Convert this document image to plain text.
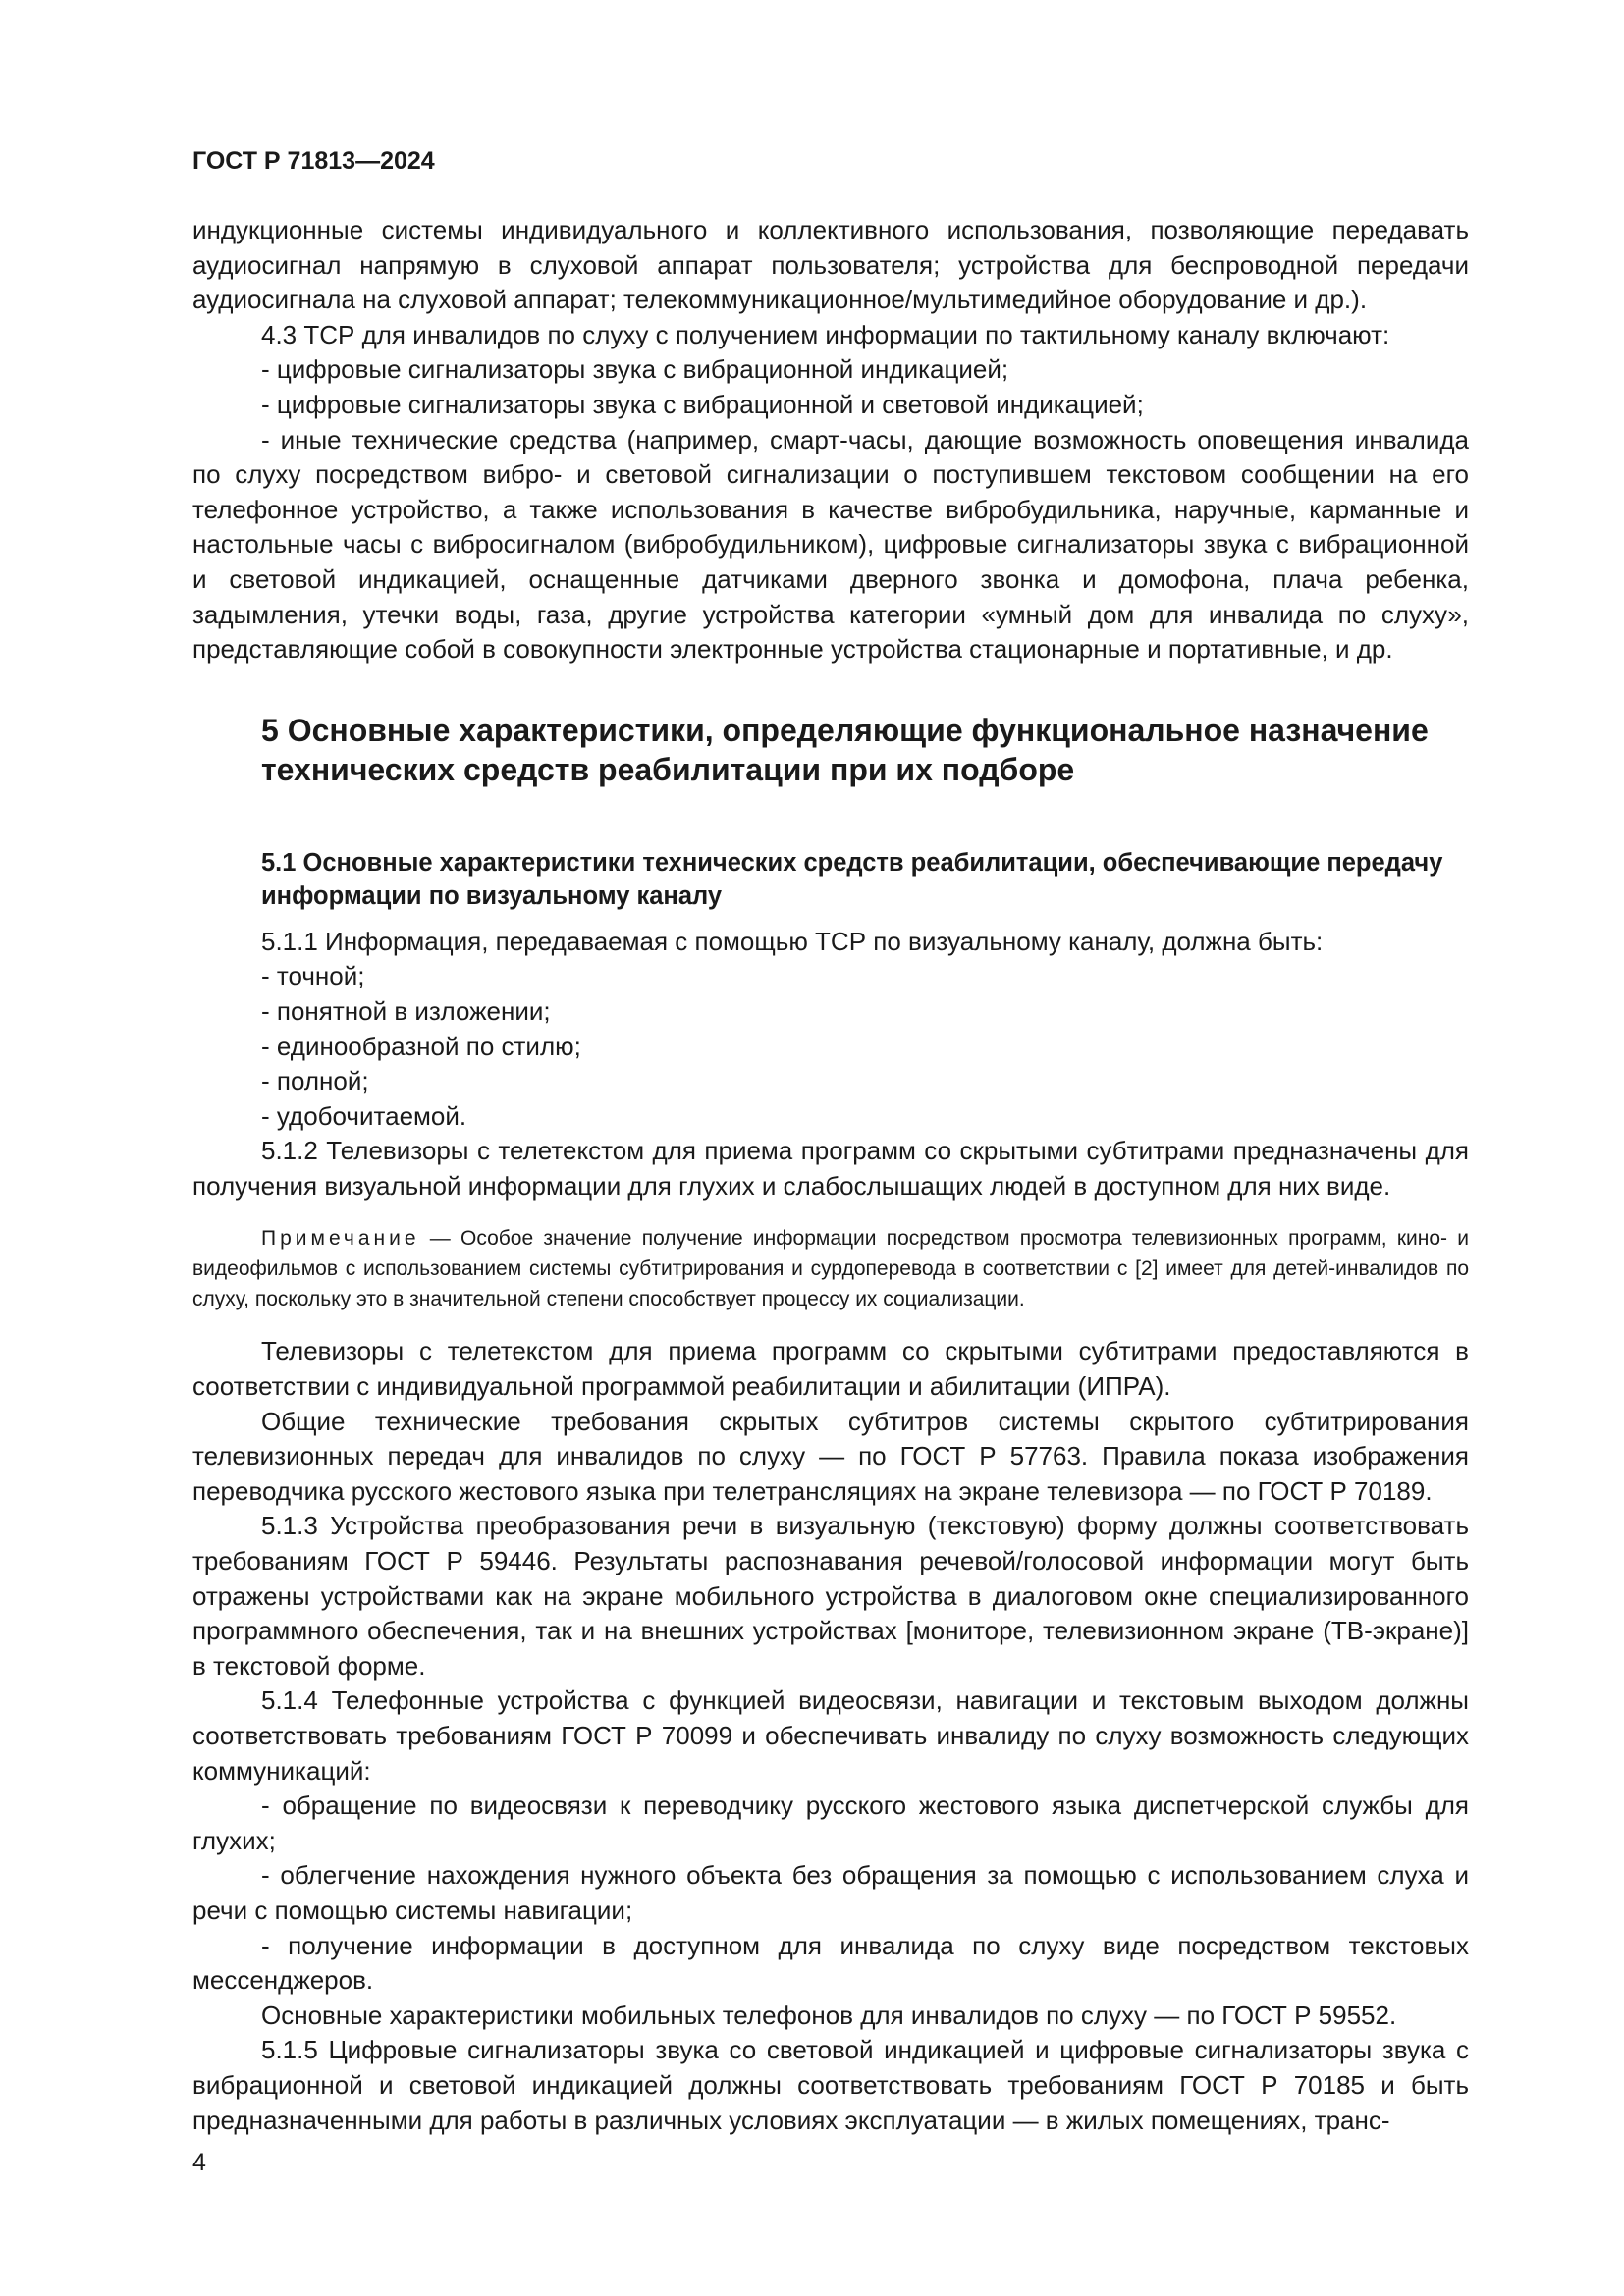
ГОСТ Р 71813—2024

индукционные системы индивидуального и коллективного использования, позволяющие передавать аудиосигнал напрямую в слуховой аппарат пользователя; устройства для беспроводной передачи аудиосигнала на слуховой аппарат; телекоммуникационное/мультимедийное оборудование и др.).

4.3 ТСР для инвалидов по слуху с получением информации по тактильному каналу включают:

- цифровые сигнализаторы звука с вибрационной индикацией;

- цифровые сигнализаторы звука с вибрационной и световой индикацией;

- иные технические средства (например, смарт-часы, дающие возможность оповещения инвалида по слуху посредством вибро- и световой сигнализации о поступившем текстовом сообщении на его телефонное устройство, а также использования в качестве вибробудильника, наручные, карманные и настольные часы с вибросигналом (вибробудильником), цифровые сигнализаторы звука с вибрационной и световой индикацией, оснащенные датчиками дверного звонка и домофона, плача ребенка, задымления, утечки воды, газа, другие устройства категории «умный дом для инвалида по слуху», представляющие собой в совокупности электронные устройства стационарные и портативные, и др.

5 Основные характеристики, определяющие функциональное назначение технических средств реабилитации при их подборе
5.1 Основные характеристики технических средств реабилитации, обеспечивающие передачу информации по визуальному каналу

5.1.1 Информация, передаваемая с помощью ТСР по визуальному каналу, должна быть:

- точной;

- понятной в изложении;

- единообразной по стилю;

- полной;

- удобочитаемой.

5.1.2 Телевизоры с телетекстом для приема программ со скрытыми субтитрами предназначены для получения визуальной информации для глухих и слабослышащих людей в доступном для них виде.

Примечание — Особое значение получение информации посредством просмотра телевизионных программ, кино- и видеофильмов с использованием системы субтитрирования и сурдоперевода в соответствии с [2] имеет для детей-инвалидов по слуху, поскольку это в значительной степени способствует процессу их социализации.

Телевизоры с телетекстом для приема программ со скрытыми субтитрами предоставляются в соответствии с индивидуальной программой реабилитации и абилитации (ИПРА).

Общие технические требования скрытых субтитров системы скрытого субтитрирования телевизионных передач для инвалидов по слуху — по ГОСТ Р 57763. Правила показа изображения переводчика русского жестового языка при телетрансляциях на экране телевизора — по ГОСТ Р 70189.

5.1.3 Устройства преобразования речи в визуальную (текстовую) форму должны соответствовать требованиям ГОСТ Р 59446. Результаты распознавания речевой/голосовой информации могут быть отражены устройствами как на экране мобильного устройства в диалоговом окне специализированного программного обеспечения, так и на внешних устройствах [мониторе, телевизионном экране (ТВ-экране)] в текстовой форме.

5.1.4 Телефонные устройства с функцией видеосвязи, навигации и текстовым выходом должны соответствовать требованиям ГОСТ Р 70099 и обеспечивать инвалиду по слуху возможность следующих коммуникаций:

- обращение по видеосвязи к переводчику русского жестового языка диспетчерской службы для глухих;

- облегчение нахождения нужного объекта без обращения за помощью с использованием слуха и речи с помощью системы навигации;

- получение информации в доступном для инвалида по слуху виде посредством текстовых мессенджеров.

Основные характеристики мобильных телефонов для инвалидов по слуху — по ГОСТ Р 59552.

5.1.5 Цифровые сигнализаторы звука со световой индикацией и цифровые сигнализаторы звука с вибрационной и световой индикацией должны соответствовать требованиям ГОСТ Р 70185 и быть предназначенными для работы в различных условиях эксплуатации — в жилых помещениях, транс-

4
